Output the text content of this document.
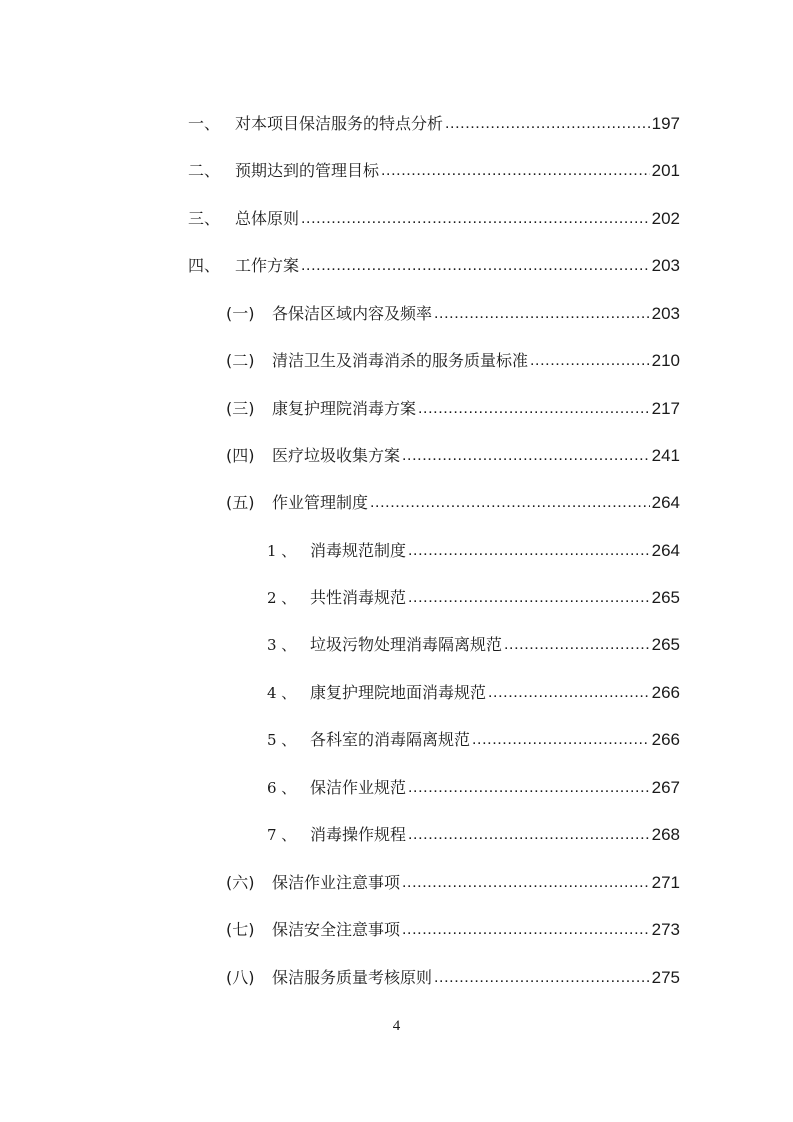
一、 对本项目保洁服务的特点分析 .....	197
二、 预期达到的管理目标 .....	201
三、 总体原则 .....	202
四、 工作方案 .....	203
(一)	各保洁区域内容及频率 .....	203
(二)	清洁卫生及消毒消杀的服务质量标准 .....	210
(三)	康复护理院消毒方案 .....	217
(四)	医疗垃圾收集方案 .....	241
(五)	作业管理制度 .....	264
1 、 消毒规范制度 .....	264
2 、 共性消毒规范 .....	265
3 、 垃圾污物处理消毒隔离规范 .....	265
4 、 康复护理院地面消毒规范 .....	266
5 、 各科室的消毒隔离规范 .....	266
6 、 保洁作业规范 .....	267
7 、 消毒操作规程 .....	268
(六)	保洁作业注意事项 .....	271
(七)	保洁安全注意事项 .....	273
(八)	保洁服务质量考核原则 .....	275
4
